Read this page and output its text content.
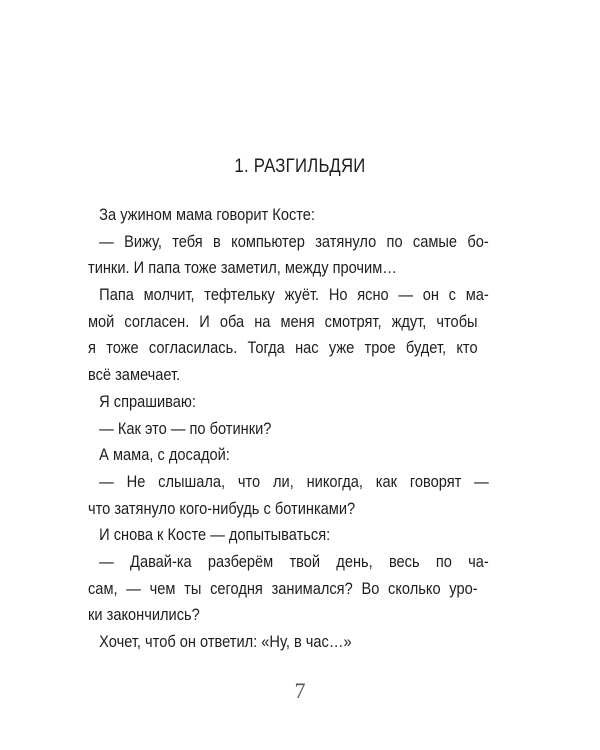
1. РАЗГИЛЬДЯИ
За ужином мама говорит Косте:
— Вижу, тебя в компьютер затянуло по самые бо-
тинки. И папа тоже заметил, между прочим…
Папа молчит, тефтельку жуёт. Но ясно — он с ма-
мой согласен. И оба на меня смотрят, ждут, чтобы
я тоже согласилась. Тогда нас уже трое будет, кто
всё замечает.
Я спрашиваю:
— Как это — по ботинки?
А мама, с досадой:
— Не слышала, что ли, никогда, как говорят —
что затянуло кого-нибудь с ботинками?
И снова к Косте — допытываться:
— Давай-ка разберём твой день, весь по ча-
сам, — чем ты сегодня занимался? Во сколько уро-
ки закончились?
Хочет, чтоб он ответил: «Ну, в час…»
7
